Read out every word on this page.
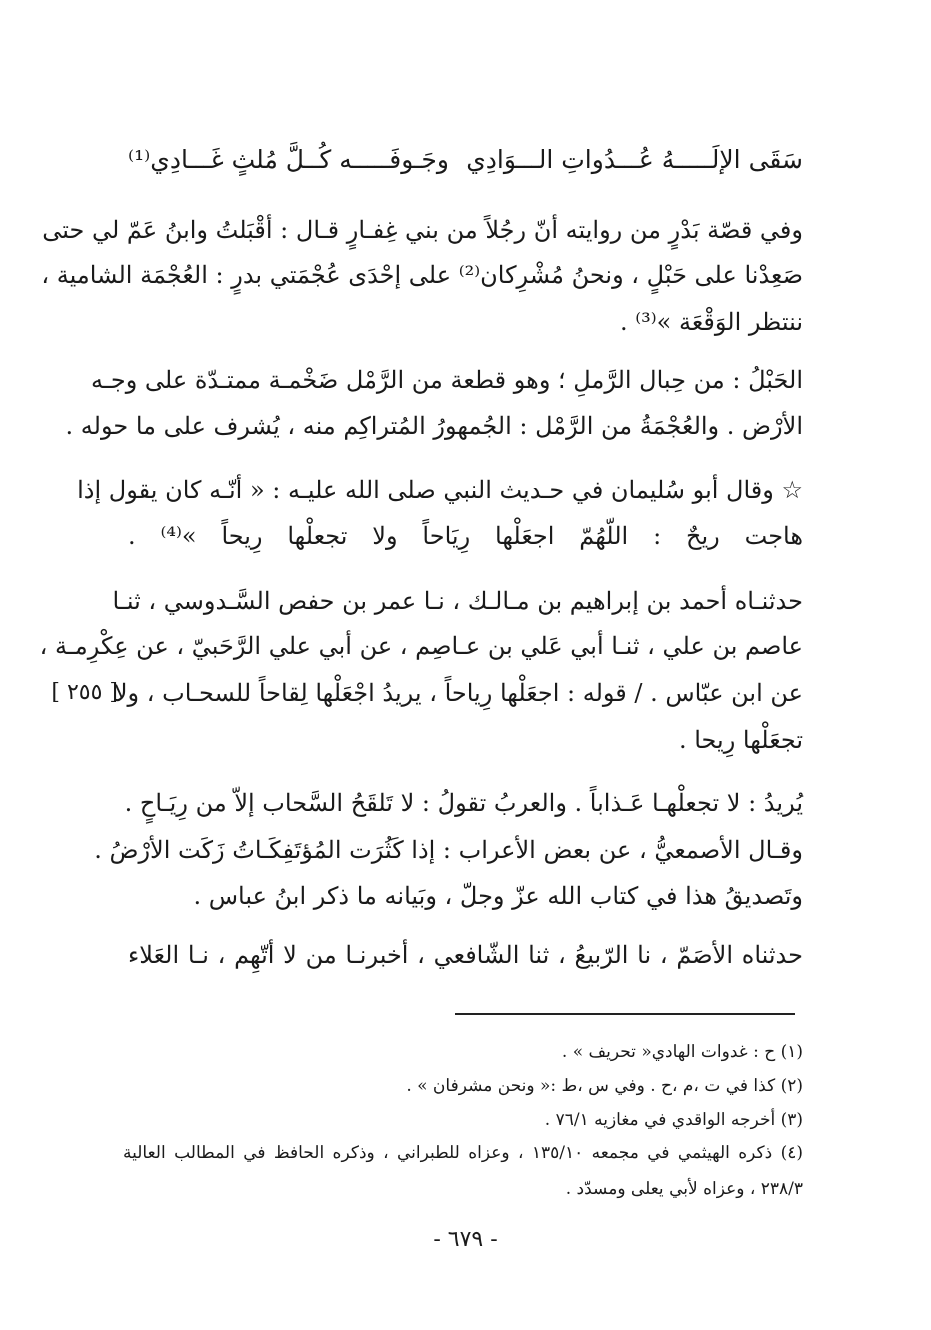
سَقَى الإلَـــــهُ عُـــدُواتِ الـــوَادِي
وجَـوفَـــــه كُــلَّ مُلثٍ غَـــادِي⁽¹⁾
وفي قصّة بَدْرٍ من روايته أنّ رجُلاً من بني غِفـارٍ قـال : أقْبَلتُ وابنُ عَمّ لي حتى
صَعِدْنا على حَبْلٍ ، ونحنُ مُشْرِكان⁽²⁾ على إحْدَى عُجْمَتي بدرٍ : العُجْمَة الشامية ،
ننتظر الوَقْعَة »⁽³⁾ .
الحَبْلُ : من حِبال الرَّملِ ؛ وهو قطعة من الرَّمْل ضَخْمـة ممتـدّة على وجـه
الأرْض . والعُجْمَةُ من الرَّمْل : الجُمهورُ المُتراكِم منه ، يُشرف على ما حوله .
☆ وقال أبو سُليمان في حـديث النبي صلى الله عليـه : « أنّـه كان يقول إذا
هاجت ريحٌ : اللّهُمّ اجعَلْها رِيَاحاً ولا تجعلْها رِيحاً »⁽⁴⁾ .
حدثنـاه أحمد بن إبراهيم بن مـالـك ، نـا عمر بن حفص السَّـدوسي ، ثنـا
عاصم بن علي ، ثنـا أبي عَلي بن عـاصِم ، عن أبي علي الرَّحَبيّ ، عن عِكْرِمـة ،
عن ابن عبّاس . / قوله : اجعَلْها رِياحاً ، يريدُ اجْعَلْها لِقاحاً للسحـاب ، ولا
تجعَلْها رِيحا .
[ ٢٥٥ ]
يُريدُ : لا تجعلْهـا عَـذاباً . والعربُ تقولُ : لا تَلقَحُ السَّحاب إلاّ من رِيَـاحٍ .
وقـال الأصمعيُّ ، عن بعض الأعراب : إذا كَثُرَت المُؤتَفِكَـاتُ زَكَت الأرْضُ .
وتَصديقُ هذا في كتاب الله عزّ وجلّ ، وبَيانه ما ذكر ابنُ عباس .
حدثناه الأصَمّ ، نا الرّبيعُ ، ثنا الشّافعي ، أخبرنـا من لا أتّهِم ، نـا العَلاء
(١) ح : غدوات الهادي« تحريف » .
(٢) كذا في ت ،م ،ح . وفي س ،ط :« ونحن مشرفان » .
(٣) أخرجه الواقدي في مغازيه ٧٦/١ .
(٤) ذكره الهيثمي في مجمعه ١٣٥/١٠ ، وعزاه للطبراني ، وذكره الحافظ في المطالب العالية
٢٣٨/٣ ، وعزاه لأبي يعلى ومسدّد .
- ٦٧٩ -
